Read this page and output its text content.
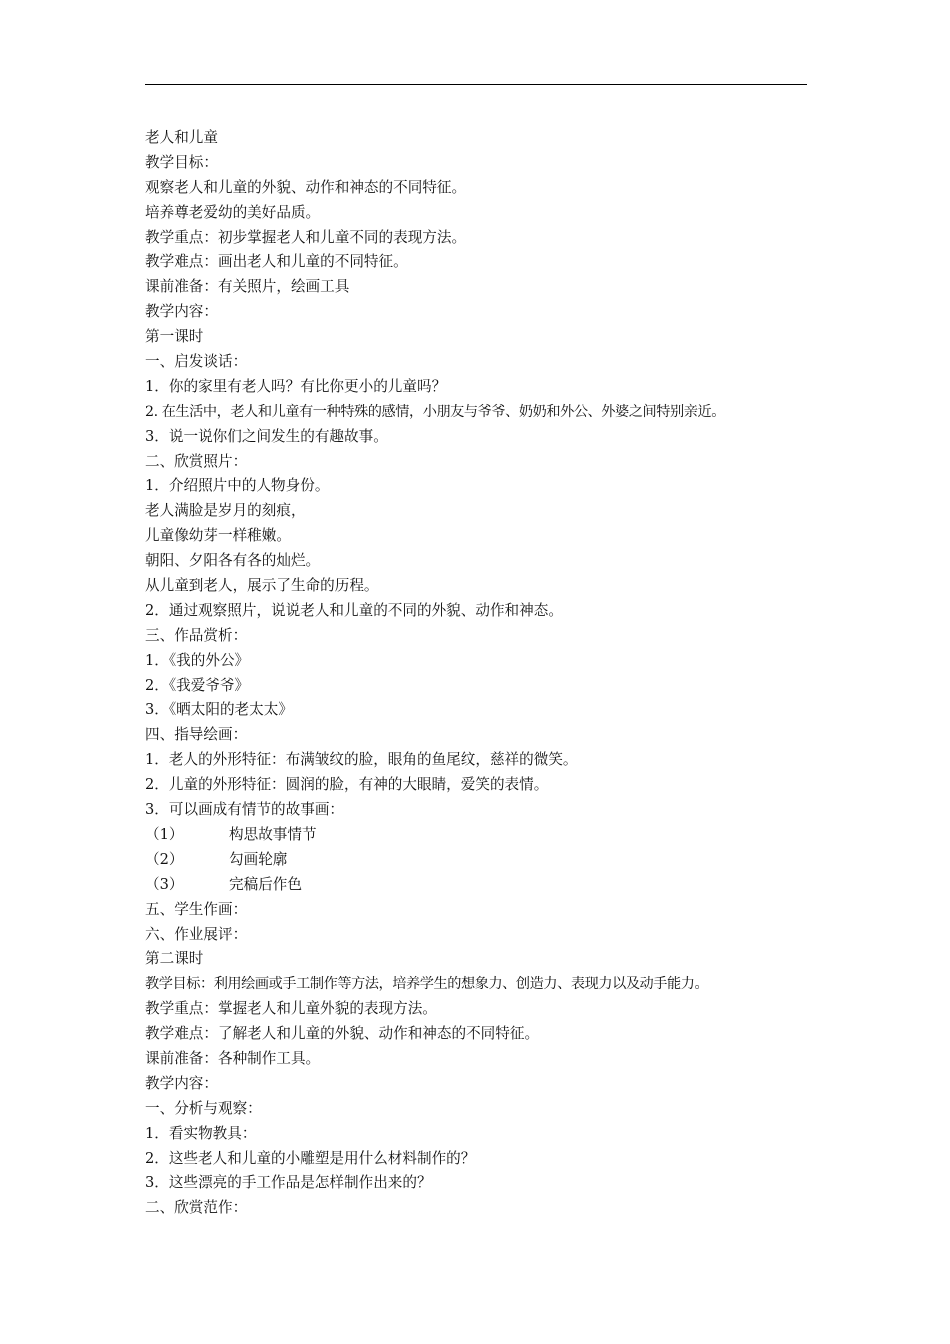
老人和儿童
教学目标：
观察老人和儿童的外貌、动作和神态的不同特征。
培养尊老爱幼的美好品质。
教学重点：初步掌握老人和儿童不同的表现方法。
教学难点：画出老人和儿童的不同特征。
课前准备：有关照片，绘画工具
教学内容：
第一课时
一、启发谈话：
1．你的家里有老人吗？有比你更小的儿童吗？
2. 在生活中，老人和儿童有一种特殊的感情，小朋友与爷爷、奶奶和外公、外婆之间特别亲近。
3．说一说你们之间发生的有趣故事。
二、欣赏照片：
1．介绍照片中的人物身份。
老人满脸是岁月的刻痕，
儿童像幼芽一样稚嫩。
朝阳、夕阳各有各的灿烂。
从儿童到老人，展示了生命的历程。
2．通过观察照片，说说老人和儿童的不同的外貌、动作和神态。
三、作品赏析：
1．《我的外公》
2．《我爱爷爷》
3．《晒太阳的老太太》
四、指导绘画：
1．老人的外形特征：布满皱纹的脸，眼角的鱼尾纹，慈祥的微笑。
2．儿童的外形特征：圆润的脸，有神的大眼睛，爱笑的表情。
3．可以画成有情节的故事画：
（1）	构思故事情节
（2）	勾画轮廓
（3）	完稿后作色
五、学生作画：
六、作业展评：
第二课时
教学目标：利用绘画或手工制作等方法，培养学生的想象力、创造力、表现力以及动手能力。
教学重点：掌握老人和儿童外貌的表现方法。
教学难点：了解老人和儿童的外貌、动作和神态的不同特征。
课前准备：各种制作工具。
教学内容：
一、分析与观察：
1．看实物教具：
2．这些老人和儿童的小雕塑是用什么材料制作的？
3．这些漂亮的手工作品是怎样制作出来的？
二、欣赏范作：
